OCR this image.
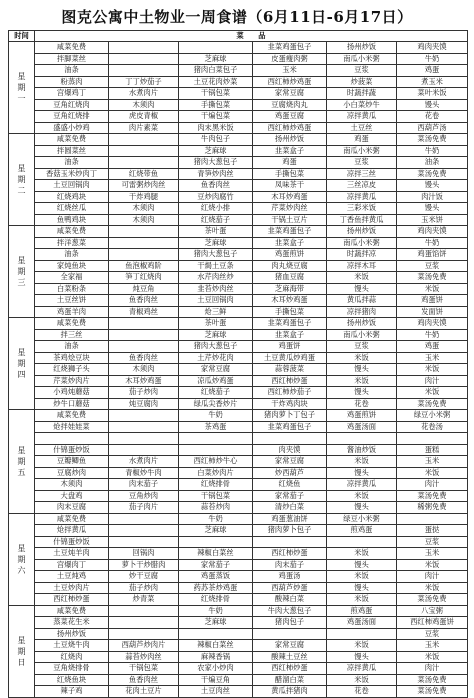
图克公寓中土物业一周食谱（6月11日-6月17日）
时间	菜　　品					

星
期
一	咸菜免费			韭菜鸡蛋包子	扬州炒饭	鸡肉夹馍
	拌脚菜丝		芝麻球	皮蛋瘦肉粥	南瓜小米粥	牛奶
	油条		猪肉白菜包子	玉米	豆浆	鸡蛋
	粉蒸肉	丁丁炒茄子	土豆花肉炒菜	西红柿炒鸡蛋	炒菠菜	煮玉米
	宫爆鸡丁	水煮肉片	干锅包菜	家常豆腐	时蔬拌蔬	菜叶米饭
	豆角红烧肉	木须肉	手撕包菜	豆腐烧肉丸	小白菜炒牛	馒头
	豆角红烧排	虎皮青椒	干煸包菜	鸡蛋豆腐	凉拌黄瓜	花卷
	盛盛小炒鸡	肉片素菜	肉末黑米饭	西红柿炒鸡蛋	土豆丝	西葫芦汤

星
期
二	咸菜免费		牛肉包子	扬州炒饭	鸡蛋	菜汤免费
	拌圆菜丝		芝麻球	韭菜盒子	南瓜小米粥	牛奶
	油条		猪肉大葱包子	鸡蛋	豆浆	油条
	香菇玉米炒肉丁	红烧带鱼	青笋炒肉丝	手撕包菜	凉拌三丝	菜汤免费
	土豆回锅肉	可雷粥炒肉丝	鱼香肉丝	凤味茶干	三丝凉皮	馒头
	红烧鸡块	干炸鸡腿	豆炒肉腐竹	木耳炒鸡蛋	凉拌黄瓜	肉汁饭
	红烧丝瓜	木须肉	红烧小排	芹菜炒肉丝	三彩米饭	馒头
	鱼鸭鸡块	木须肉	红烧茄子	干锅土豆片	丁香鱼拌黄瓜	玉米饼

星
期
三	咸菜免费		茶叶蛋	韭菜鸡蛋包子	扬州炒饭	鸡肉夹馍
	拌洋葱菜		芝麻球	韭菜盒子	南瓜小米粥	牛奶
	油条		猪肉大葱包子	鸡蛋煎饼	时蔬拌凉	鸡蛋馅饼
	家炖鱼块	鱼泡椒鸡阶	干焗土豆条	肉丸烧豆腐	凉拌木耳	豆浆
	全家福	笋丁红烧肉	水芹肉丝炒	猪血豆腐	米饭	菜汤免费
	白菜粉条	炖豆角	韭苔炒肉丝	芝麻海带	馒头	米饭
	土豆丝饼	鱼香肉丝	土豆回锅肉	木耳炒鸡蛋	黄瓜拌蒜	鸡蛋饼
	鸡蛋羊肉	青椒鸡丝	炝三鲜	手撕包菜	凉拌猪肉	发面饼

星
期
四	咸菜免费		茶叶蛋	韭菜鸡蛋包子	扬州炒饭	鸡肉夹馍
	拌三丝		芝麻球	韭菜盒子	南瓜小米粥	牛奶
	油条		猪肉大葱包子	鸡蛋饼	豆浆	鸡蛋
	茶鸡烩豆块	鱼香肉丝	土芹炒花肉	土豆黄瓜炒鸡蛋	米饭	玉米
	红烧狮子头	木须肉	家常豆腐	蒜蓉菠菜	馒头	米饭
	芹菜炒肉片	木耳炒鸡蛋	凉瓜炒鸡蛋	西红柿炒蛋	米饭	肉汁
	小鸡炖蘑菇	茄子炒肉	红烧茄子	西红柿炒茄子	馒头	米饭
	炒牛口蘑菇	炖豆腐肉	绿瓜尖香炒片	干炸鸡肉块	花卷	菜汤免费

星
期
五	咸菜免费		牛奶	猪肉萝卜丁包子	鸡蛋煎饼	绿豆小米粥
	炝拌娃娃菜		茶鸡蛋	韭菜鸡蛋包子	鸡蛋汤面	花卷汤

	什锦蛋炒饭			肉夹馍	酱油炒饭	蛋糕
	豆瓣鲫鱼	水煮肉片	西红柿炒牛心	家常豆腐	米饭	玉米
	豆腐炒肉	青椒炒牛肉	白菜炒肉片	炒西葫芦	馒头	米饭
	木须肉	肉末茄子	红烧排骨	红烧鱼	凉拌黄瓜	肉汁
	大盘鸡	豆角炒肉	干锅包菜	家常茄子	米饭	菜汤免费
	肉末豆腐	茄子肉片	蒜苔炒肉	清炒白菜	馒头	稀粥免费

星
期
六	咸菜免费		牛奶	鸡蛋葱油饼	绿豆小米粥	
	炝拌黄瓜		芝麻球	猪肉萝卜包子	煎鸡蛋	蛋挞
	什锦蛋炒饭					豆浆
	土豆炖羊肉	回锅肉	辣椒白菜丝	西红柿炒蛋	米饭	玉米
	宫爆肉丁	萝卜干炒腊肉	家常茄子	肉末茄子	馒头	米饭
	土豆炖鸡	炒干豆腐	鸡蛋蒸饭	鸡蛋汤	米饭	肉汁
	土豆炒肉片	茄子炒肉	药苏茶炒鸡蛋	西葫芦炒蛋	馒头	米饭
	西红柿炒蛋	炒青菜	红烧排骨	酸辣白菜	米饭	菜汤免费

星
期
日	咸菜免费		牛奶	牛肉大葱包子	煎鸡蛋	八宝粥
	蒸菜花生米		芝麻球	猪肉包子	鸡蛋汤面	西红柿鸡蛋饼
	扬州炒饭					豆浆
	土豆烧牛肉	西葫芦炒肉片	辣椒白菜丝	家常豆腐	米饭	玉米
	红烧肉	蒜苔炒肉丝	麻辣香锅	酸辣土豆丝	馒头	米饭
	豆角烧排骨	干锅包菜	农家小炒肉	西红柿炒蛋	凉拌黄瓜	肉汁
	红烧鱼块	鱼香肉丝	干煸豆角	醋溜白菜	米饭	菜汤免费
	辣子鸡	花肉土豆片	土豆肉丝	黄瓜拌猪肉	花卷	菜汤免费
